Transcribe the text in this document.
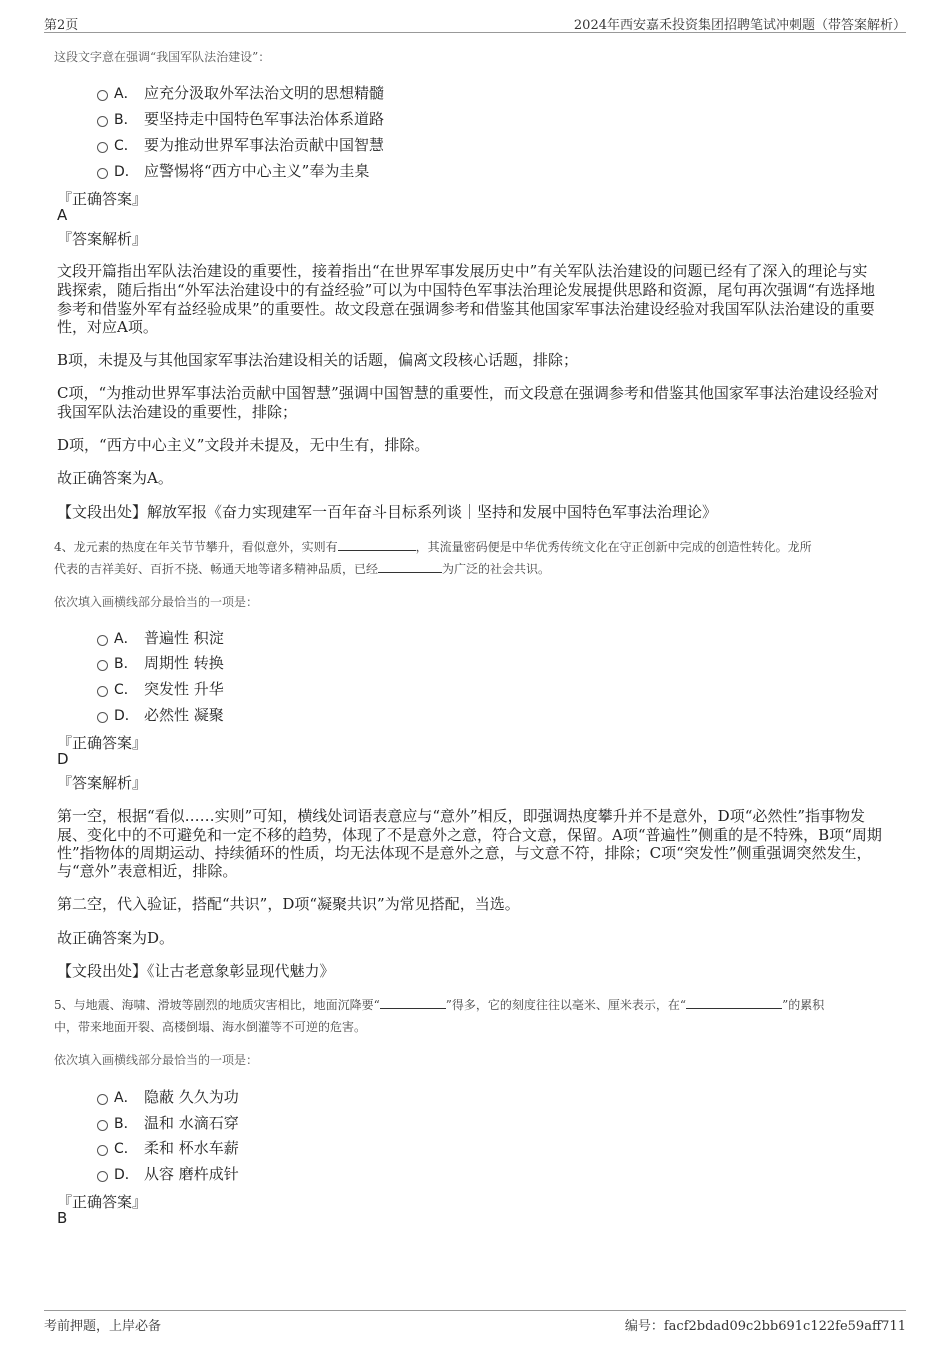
第2页	2024年西安嘉禾投资集团招聘笔试冲刺题（带答案解析）
这段文字意在强调“我国军队法治建设”：
A． 应充分汲取外军法治文明的思想精髓
B． 要坚持走中国特色军事法治体系道路
C． 要为推动世界军事法治贡献中国智慧
D． 应警惕将“西方中心主义”奉为圭臬
『正确答案』
A
『答案解析』
文段开篇指出军队法治建设的重要性，接着指出“在世界军事发展历史中”有关军队法治建设的问题已经有了深入的理论与实
践探索，随后指出“外军法治建设中的有益经验”可以为中国特色军事法治理论发展提供思路和资源，尾句再次强调“有选择地
参考和借鉴外军有益经验成果”的重要性。故文段意在强调参考和借鉴其他国家军事法治建设经验对我国军队法治建设的重要
性，对应A项。
B项，未提及与其他国家军事法治建设相关的话题，偏离文段核心话题，排除；
C项，“为推动世界军事法治贡献中国智慧”强调中国智慧的重要性，而文段意在强调参考和借鉴其他国家军事法治建设经验对
我国军队法治建设的重要性，排除；
D项，“西方中心主义”文段并未提及，无中生有，排除。
故正确答案为A。
【文段出处】解放军报《奋力实现建军一百年奋斗目标系列谈｜坚持和发展中国特色军事法治理论》
4、龙元素的热度在年关节节攀升，看似意外，实则有	，其流量密码便是中华优秀传统文化在守正创新中完成的创造性转化。龙所
代表的吉祥美好、百折不挠、畅通天地等诸多精神品质，已经	为广泛的社会共识。
依次填入画横线部分最恰当的一项是：
A． 普遍性 积淀
B． 周期性 转换
C． 突发性 升华
D． 必然性 凝聚
『正确答案』
D
『答案解析』
第一空，根据“看似……实则”可知，横线处词语表意应与“意外”相反，即强调热度攀升并不是意外，D项“必然性”指事物发
展、变化中的不可避免和一定不移的趋势，体现了不是意外之意，符合文意，保留。A项“普遍性”侧重的是不特殊，B项“周期
性”指物体的周期运动、持续循环的性质，均无法体现不是意外之意，与文意不符，排除；C项“突发性”侧重强调突然发生，
与“意外”表意相近，排除。
第二空，代入验证，搭配“共识”，D项“凝聚共识”为常见搭配，当选。
故正确答案为D。
【文段出处】《让古老意象彰显现代魅力》
5、与地震、海啸、滑坡等剧烈的地质灾害相比，地面沉降要“	”得多，它的刻度往往以毫米、厘米表示，在“	”的累积
中，带来地面开裂、高楼倒塌、海水倒灌等不可逆的危害。
依次填入画横线部分最恰当的一项是：
A． 隐蔽 久久为功
B． 温和 水滴石穿
C． 柔和 杯水车薪
D． 从容 磨杵成针
『正确答案』
B
考前押题，上岸必备	编号：facf2bdad09c2bb691c122fe59aff711
